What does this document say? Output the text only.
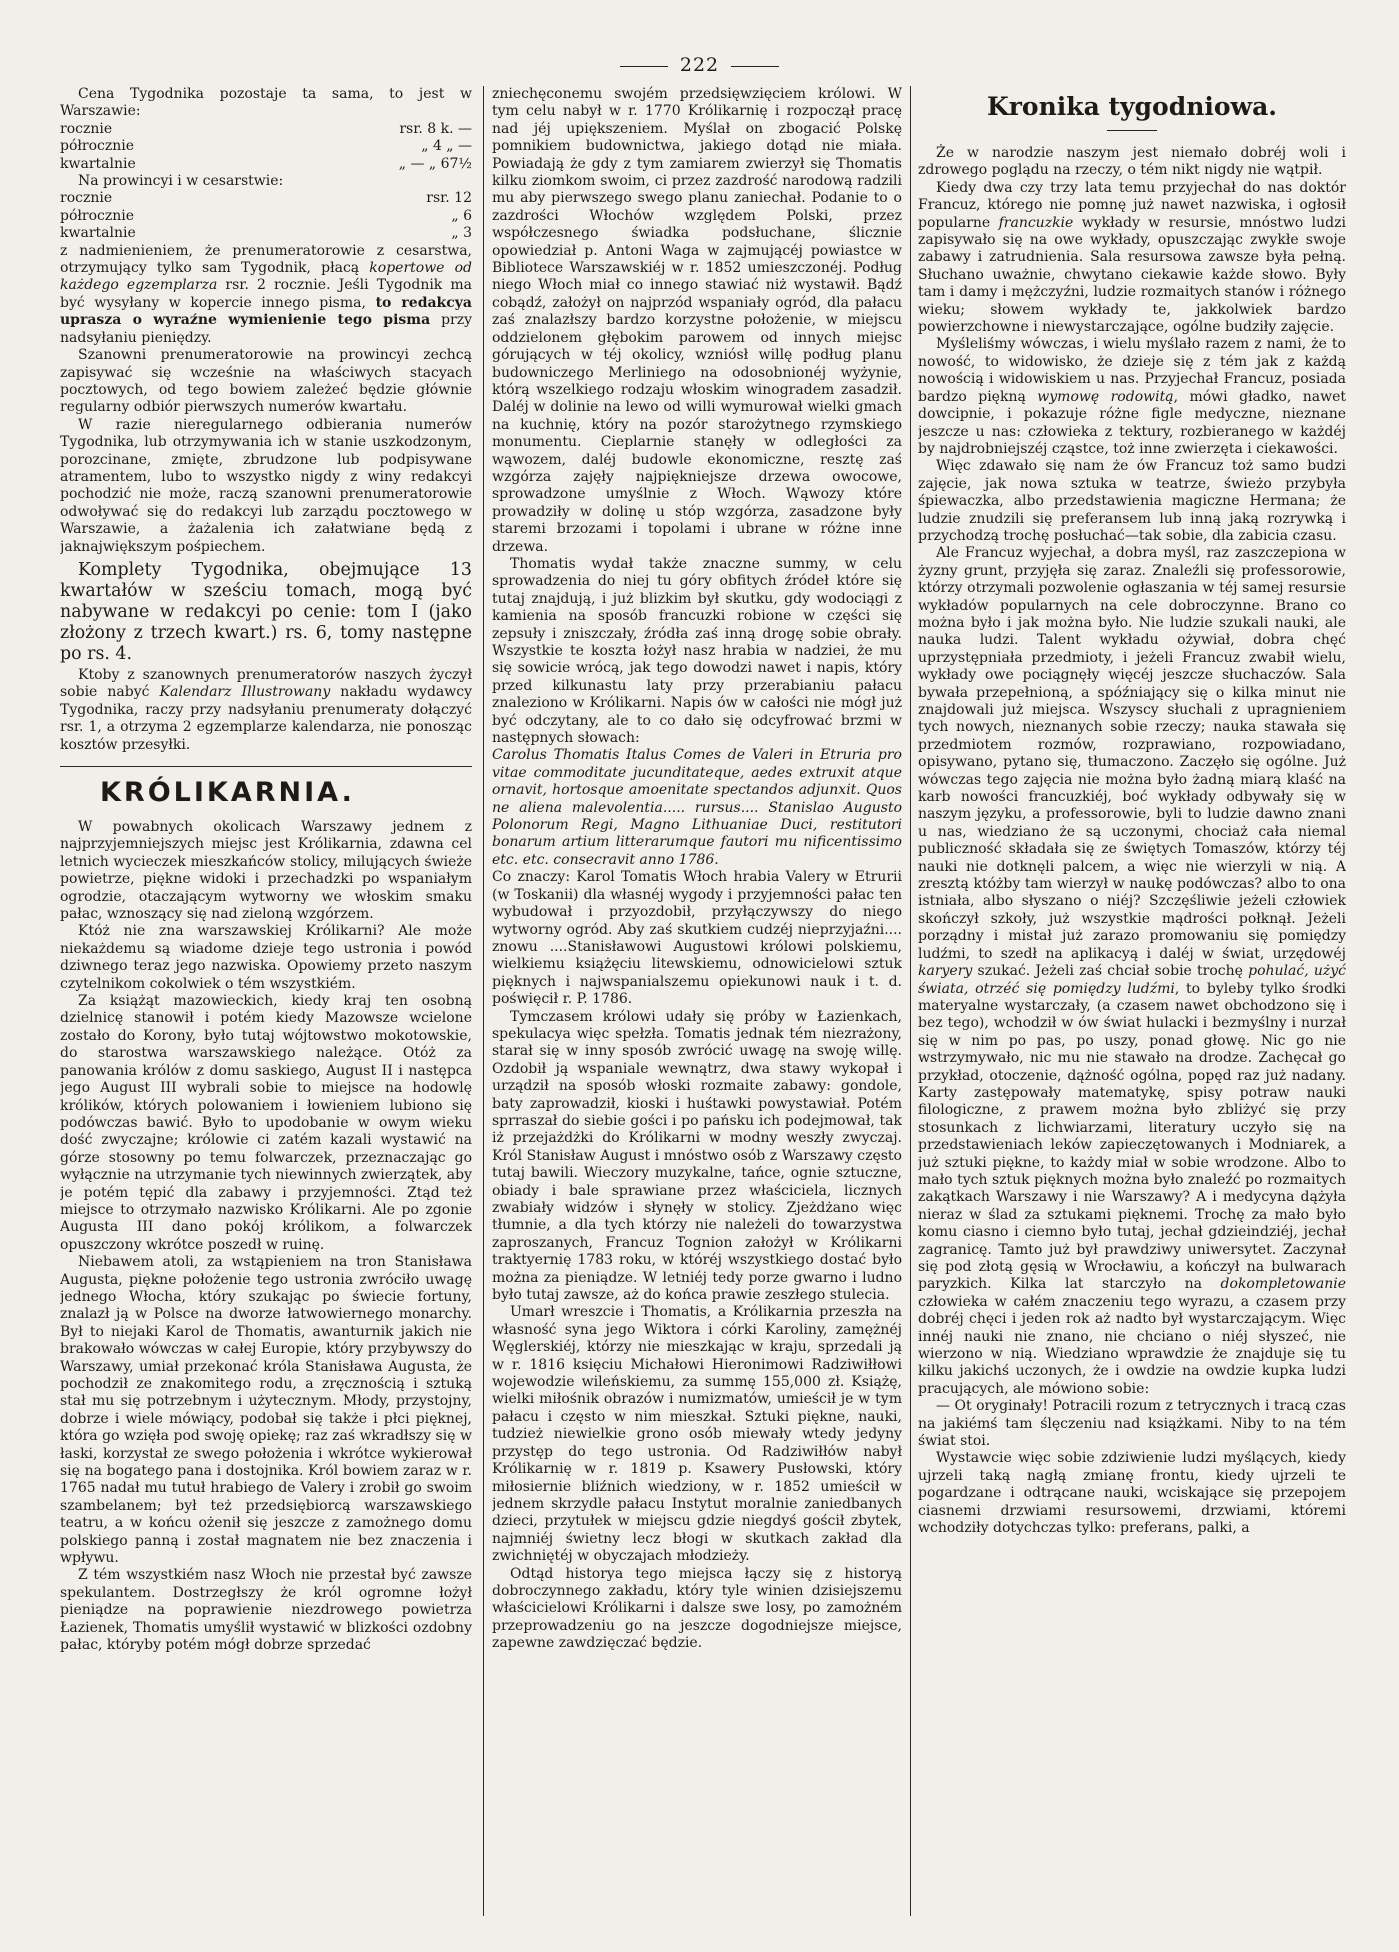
222

Cena Tygodnika pozostaje ta sama, to jest w Warszawie:

rocznie	rsr. 8 k. —
półrocznie	„ 4 „ —
kwartalnie	„ — „ 67½

Na prowincyi i w cesarstwie:

rocznie	rsr. 12
półrocznie	„ 6
kwartalnie	„ 3

z nadmienieniem, że prenumeratorowie z cesarstwa, otrzymujący tylko sam Tygodnik, płacą kopertowe od każdego egzemplarza rsr. 2 rocznie. Jeśli Tygodnik ma być wysyłany w kopercie innego pisma, to redakcya uprasza o wyraźne wymienienie tego pisma przy nadsyłaniu pieniędzy.

Szanowni prenumeratorowie na prowincyi zechcą zapisywać się wcześnie na właściwych stacyach pocztowych, od tego bowiem zależeć będzie głównie regularny odbiór pierwszych numerów kwartału.

W razie nieregularnego odbierania numerów Tygodnika, lub otrzymywania ich w stanie uszkodzonym, porozcinane, zmięte, zbrudzone lub podpisywane atramentem, lubo to wszystko nigdy z winy redakcyi pochodzić nie może, raczą szanowni prenumeratorowie odwoływać się do redakcyi lub zarządu pocztowego w Warszawie, a żażalenia ich załatwiane będą z jaknajwiększym pośpiechem.

Komplety Tygodnika, obejmujące 13 kwartałów w sześciu tomach, mogą być nabywane w redakcyi po cenie: tom I (jako złożony z trzech kwart.) rs. 6, tomy następne po rs. 4.

Ktoby z szanownych prenumeratorów naszych życzył sobie nabyć Kalendarz Illustrowany nakładu wydawcy Tygodnika, raczy przy nadsyłaniu prenumeraty dołączyć rsr. 1, a otrzyma 2 egzemplarze kalendarza, nie ponosząc kosztów przesyłki.

KRÓLIKARNIA.

W powabnych okolicach Warszawy jednem z najprzyjemniejszych miejsc jest Królikarnia, zdawna cel letnich wycieczek mieszkańców stolicy, milujących świeże powietrze, piękne widoki i przechadzki po wspaniałym ogrodzie, otaczającym wytworny we włoskim smaku pałac, wznoszący się nad zieloną wzgórzem.

Któż nie zna warszawskiej Królikarni? Ale może niekażdemu są wiadome dzieje tego ustronia i powód dziwnego teraz jego nazwiska. Opowiemy przeto naszym czytelnikom cokolwiek o tém wszystkiém.

Za książąt mazowieckich, kiedy kraj ten osobną dzielnicę stanowił i potém kiedy Mazowsze wcielone zostało do Korony, było tutaj wójtowstwo mokotowskie, do starostwa warszawskiego należące. Otóż za panowania królów z domu saskiego, August II i następca jego August III wybrali sobie to miejsce na hodowlę królików, których polowaniem i łowieniem lubiono się podówczas bawić. Było to upodobanie w owym wieku dość zwyczajne; królowie ci zatém kazali wystawić na górze stosowny po temu folwarczek, przeznaczając go wyłącznie na utrzymanie tych niewinnych zwierzątek, aby je potém tępić dla zabawy i przyjemności. Ztąd też miejsce to otrzymało nazwisko Królikarni. Ale po zgonie Augusta III dano pokój królikom, a folwarczek opuszczony wkrótce poszedł w ruinę.

Niebawem atoli, za wstąpieniem na tron Stanisława Augusta, piękne położenie tego ustronia zwróciło uwagę jednego Włocha, który szukając po świecie fortuny, znalazł ją w Polsce na dworze łatwowiernego monarchy. Był to niejaki Karol de Thomatis, awanturnik jakich nie brakowało wówczas w całej Europie, który przybywszy do Warszawy, umiał przekonać króla Stanisława Augusta, że pochodził ze znakomitego rodu, a zręcznością i sztuką stał mu się potrzebnym i użytecznym. Młody, przystojny, dobrze i wiele mówiący, podobał się także i płci pięknej, która go wzięła pod swoję opiekę; raz zaś wkradłszy się w łaski, korzystał ze swego położenia i wkrótce wykierował się na bogatego pana i dostojnika. Król bowiem zaraz w r. 1765 nadał mu tutuł hrabiego de Valery i zrobił go swoim szambelanem; był też przedsiębiorcą warszawskiego teatru, a w końcu ożenił się jeszcze z zamożnego domu polskiego panną i został magnatem nie bez znaczenia i wpływu.

Z tém wszystkiém nasz Włoch nie przestał być zawsze spekulantem. Dostrzegłszy że król ogromne łożył pieniądze na poprawienie niezdrowego powietrza Łazienek, Thomatis umyślił wystawić w blizkości ozdobny pałac, któryby potém mógł dobrze sprzedać

zniechęconemu swojém przedsięwzięciem królowi. W tym celu nabył w r. 1770 Królikarnię i rozpoczął pracę nad jéj upiększeniem. Myślał on zbogacić Polskę pomnikiem budownictwa, jakiego dotąd nie miała. Powiadają że gdy z tym zamiarem zwierzył się Thomatis kilku ziomkom swoim, ci przez zazdrość narodową radzili mu aby pierwszego swego planu zaniechał. Podanie to o zazdrości Włochów względem Polski, przez współczesnego świadka podsłuchane, ślicznie opowiedział p. Antoni Waga w zajmującéj powiastce w Bibliotece Warszawskiéj w r. 1852 umieszczonéj. Podług niego Włoch miał co innego stawiać niż wystawił. Bądź cobądź, założył on najprzód wspaniały ogród, dla pałacu zaś znalazłszy bardzo korzystne położenie, w miejscu oddzielonem głębokim parowem od innych miejsc górujących w téj okolicy, wzniósł willę podług planu budowniczego Merliniego na odosobnionéj wyżynie, którą wszelkiego rodzaju włoskim winogradem zasadził. Daléj w dolinie na lewo od willi wymurował wielki gmach na kuchnię, który na pozór starożytnego rzymskiego monumentu. Cieplarnie stanęły w odległości za wąwozem, daléj budowle ekonomiczne, resztę zaś wzgórza zajęły najpiękniejsze drzewa owocowe, sprowadzone umyślnie z Włoch. Wąwozy które prowadziły w dolinę u stóp wzgórza, zasadzone były staremi brzozami i topolami i ubrane w różne inne drzewa.

Thomatis wydał także znaczne summy, w celu sprowadzenia do niej tu góry obfitych źródeł które się tutaj znajdują, i już blizkim był skutku, gdy wodociągi z kamienia na sposób francuzki robione w części się zepsuły i zniszczały, źródła zaś inną drogę sobie obrały. Wszystkie te koszta łożył nasz hrabia w nadziei, że mu się sowicie wrócą, jak tego dowodzi nawet i napis, który przed kilkunastu laty przy przerabianiu pałacu znaleziono w Królikarni. Napis ów w całości nie mógł już być odczytany, ale to co dało się odcyfrować brzmi w następnych słowach:

Carolus Thomatis Italus Comes de Valeri in Etruria pro vitae commoditate jucunditateque, aedes extruxit atque ornavit, hortosque amoenitate spectandos adjunxit. Quos ne aliena malevolentia..... rursus.... Stanislao Augusto Polonorum Regi, Magno Lithuaniae Duci, restitutori bonarum artium litterarumque fautori mu nificentissimo etc. etc. consecravit anno 1786.

Co znaczy: Karol Tomatis Włoch hrabia Valery w Etrurii (w Toskanii) dla własnéj wygody i przyjemności pałac ten wybudował i przyozdobił, przyłączywszy do niego wytworny ogród. Aby zaś skutkiem cudzéj nieprzyjaźni.... znowu ....Stanisławowi Augustowi królowi polskiemu, wielkiemu książęciu litewskiemu, odnowicielowi sztuk pięknych i najwspanialszemu opiekunowi nauk i t. d. poświęcił r. P. 1786.

Tymczasem królowi udały się próby w Łazienkach, spekulacya więc spełzła. Tomatis jednak tém niezrażony, starał się w inny sposób zwrócić uwagę na swoję willę. Ozdobił ją wspaniale wewnątrz, dwa stawy wykopał i urządził na sposób włoski rozmaite zabawy: gondole, baty zaprowadził, kioski i huśtawki powystawiał. Potém sprraszał do siebie gości i po pańsku ich podejmował, tak iż przejażdżki do Królikarni w modny weszły zwyczaj. Król Stanisław August i mnóstwo osób z Warszawy często tutaj bawili. Wieczory muzykalne, tańce, ognie sztuczne, obiady i bale sprawiane przez właściciela, licznych zwabiały widzów i słynęły w stolicy. Zjeżdżano więc tłumnie, a dla tych którzy nie należeli do towarzystwa zaproszanych, Francuz Tognion założył w Królikarni traktyernię 1783 roku, w któréj wszystkiego dostać było można za pieniądze. W letniéj tedy porze gwarno i ludno było tutaj zawsze, aż do końca prawie zeszłego stulecia.

Umarł wreszcie i Thomatis, a Królikarnia przeszła na własność syna jego Wiktora i córki Karoliny, zamężnéj Węglerskiéj, którzy nie mieszkając w kraju, sprzedali ją w r. 1816 księciu Michałowi Hieronimowi Radziwiłłowi wojewodzie wileńskiemu, za summę 155,000 zł. Książę, wielki miłośnik obrazów i numizmatów, umieścił je w tym pałacu i często w nim mieszkał. Sztuki piękne, nauki, tudzież niewielkie grono osób miewały wtedy jedyny przystęp do tego ustronia. Od Radziwiłłów nabył Królikarnię w r. 1819 p. Ksawery Pusłowski, który miłosiernie bliźnich wiedziony, w r. 1852 umieścił w jednem skrzydle pałacu Instytut moralnie zaniedbanych dzieci, przytułek w miejscu gdzie niegdyś gościł zbytek, najmniéj świetny lecz błogi w skutkach zakład dla zwichniętéj w obyczajach młodzieży.

Odtąd historya tego miejsca łączy się z historyą dobroczynnego zakładu, który tyle winien dzisiejszemu właścicielowi Królikarni i dalsze swe losy, po zamożném przeprowadzeniu go na jeszcze dogodniejsze miejsce, zapewne zawdzięczać będzie.

Kronika tygodniowa.

Że w narodzie naszym jest niemało dobréj woli i zdrowego poglądu na rzeczy, o tém nikt nigdy nie wątpił.

Kiedy dwa czy trzy lata temu przyjechał do nas doktór Francuz, którego nie pomnę już nawet nazwiska, i ogłosił popularne francuzkie wykłady w resursie, mnóstwo ludzi zapisywało się na owe wykłady, opuszczając zwykłe swoje zabawy i zatrudnienia. Sala resursowa zawsze była pełną. Słuchano uważnie, chwytano ciekawie każde słowo. Były tam i damy i mężczyźni, ludzie rozmaitych stanów i różnego wieku; słowem wykłady te, jakkolwiek bardzo powierzchowne i niewystarczające, ogólne budziły zajęcie.

Myśleliśmy wówczas, i wielu myślało razem z nami, że to nowość, to widowisko, że dzieje się z tém jak z każdą nowością i widowiskiem u nas. Przyjechał Francuz, posiada bardzo piękną wymowę rodowitą, mówi gładko, nawet dowcipnie, i pokazuje różne figle medyczne, nieznane jeszcze u nas: człowieka z tektury, rozbieranego w każdéj by najdrobniejszéj cząstce, toż inne zwierzęta i ciekawości.

Więc zdawało się nam że ów Francuz toż samo budzi zajęcie, jak nowa sztuka w teatrze, świeżo przybyła śpiewaczka, albo przedstawienia magiczne Hermana; że ludzie znudzili się preferansem lub inną jaką rozrywką i przychodzą trochę posłuchać—tak sobie, dla zabicia czasu.

Ale Francuz wyjechał, a dobra myśl, raz zaszczepiona w żyzny grunt, przyjęła się zaraz. Znaleźli się professorowie, którzy otrzymali pozwolenie ogłaszania w téj samej resursie wykładów popularnych na cele dobroczynne. Brano co można było i jak można było. Nie ludzie szukali nauki, ale nauka ludzi. Talent wykładu ożywiał, dobra chęć uprzystępniała przedmioty, i jeżeli Francuz zwabił wielu, wykłady owe pociągnęły więcéj jeszcze słuchaczów. Sala bywała przepełnioną, a spóźniający się o kilka minut nie znajdowali już miejsca. Wszyscy słuchali z upragnieniem tych nowych, nieznanych sobie rzeczy; nauka stawała się przedmiotem rozmów, rozprawiano, rozpowiadano, opisywano, pytano się, tłumaczono. Zaczęło się ogólne. Już wówczas tego zajęcia nie można było żadną miarą klaść na karb nowości francuzkiéj, boć wykłady odbywały się w naszym języku, a professorowie, byli to ludzie dawno znani u nas, wiedziano że są uczonymi, chociaż cała niemal publiczność składała się ze świętych Tomaszów, którzy téj nauki nie dotknęli palcem, a więc nie wierzyli w nią. A zresztą któżby tam wierzył w naukę podówczas? albo to ona istniała, albo słyszano o niéj? Szczęśliwie jeżeli człowiek skończył szkoły, już wszystkie mądrości połknął. Jeżeli porządny i mistał już zarazo promowaniu się pomiędzy ludźmi, to szedł na aplikacyą i daléj w świat, urzędowéj karyery szukać. Jeżeli zaś chciał sobie trochę pohulać, użyć świata, otrzéć się pomiędzy ludźmi, to byleby tylko środki materyalne wystarczały, (a czasem nawet obchodzono się i bez tego), wchodził w ów świat hulacki i bezmyślny i nurzał się w nim po pas, po uszy, ponad głowę. Nic go nie wstrzymywało, nic mu nie stawało na drodze. Zachęcał go przykład, otoczenie, dążność ogólna, popęd raz już nadany. Karty zastępowały matematykę, spisy potraw nauki filologiczne, z prawem można było zbliżyć się przy stosunkach z lichwiarzami, literatury uczyło się na przedstawieniach leków zapieczętowanych i Modniarek, a już sztuki piękne, to każdy miał w sobie wrodzone. Albo to mało tych sztuk pięknych można było znaleźć po rozmaitych zakątkach Warszawy i nie Warszawy? A i medycyna dążyła nieraz w ślad za sztukami pięknemi. Trochę za mało było komu ciasno i ciemno było tutaj, jechał gdzieindziéj, jechał zagranicę. Tamto już był prawdziwy uniwersytet. Zaczynał się pod złotą gęsią w Wrocławiu, a kończył na bulwarach paryzkich. Kilka lat starczyło na dokompletowanie człowieka w całém znaczeniu tego wyrazu, a czasem przy dobréj chęci i jeden rok aż nadto był wystarczającym. Więc innéj nauki nie znano, nie chciano o niéj słyszeć, nie wierzono w nią. Wiedziano wprawdzie że znajduje się tu kilku jakichś uczonych, że i owdzie na owdzie kupka ludzi pracujących, ale mówiono sobie:

— Ot oryginały! Potracili rozum z tetrycznych i tracą czas na jakiémś tam ślęczeniu nad książkami. Niby to na tém świat stoi.

Wystawcie więc sobie zdziwienie ludzi myślących, kiedy ujrzeli taką nagłą zmianę frontu, kiedy ujrzeli te pogardzane i odtrącane nauki, wciskające się przepojem ciasnemi drzwiami resursowemi, drzwiami, któremi wchodziły dotychczas tylko: preferans, palki, a
